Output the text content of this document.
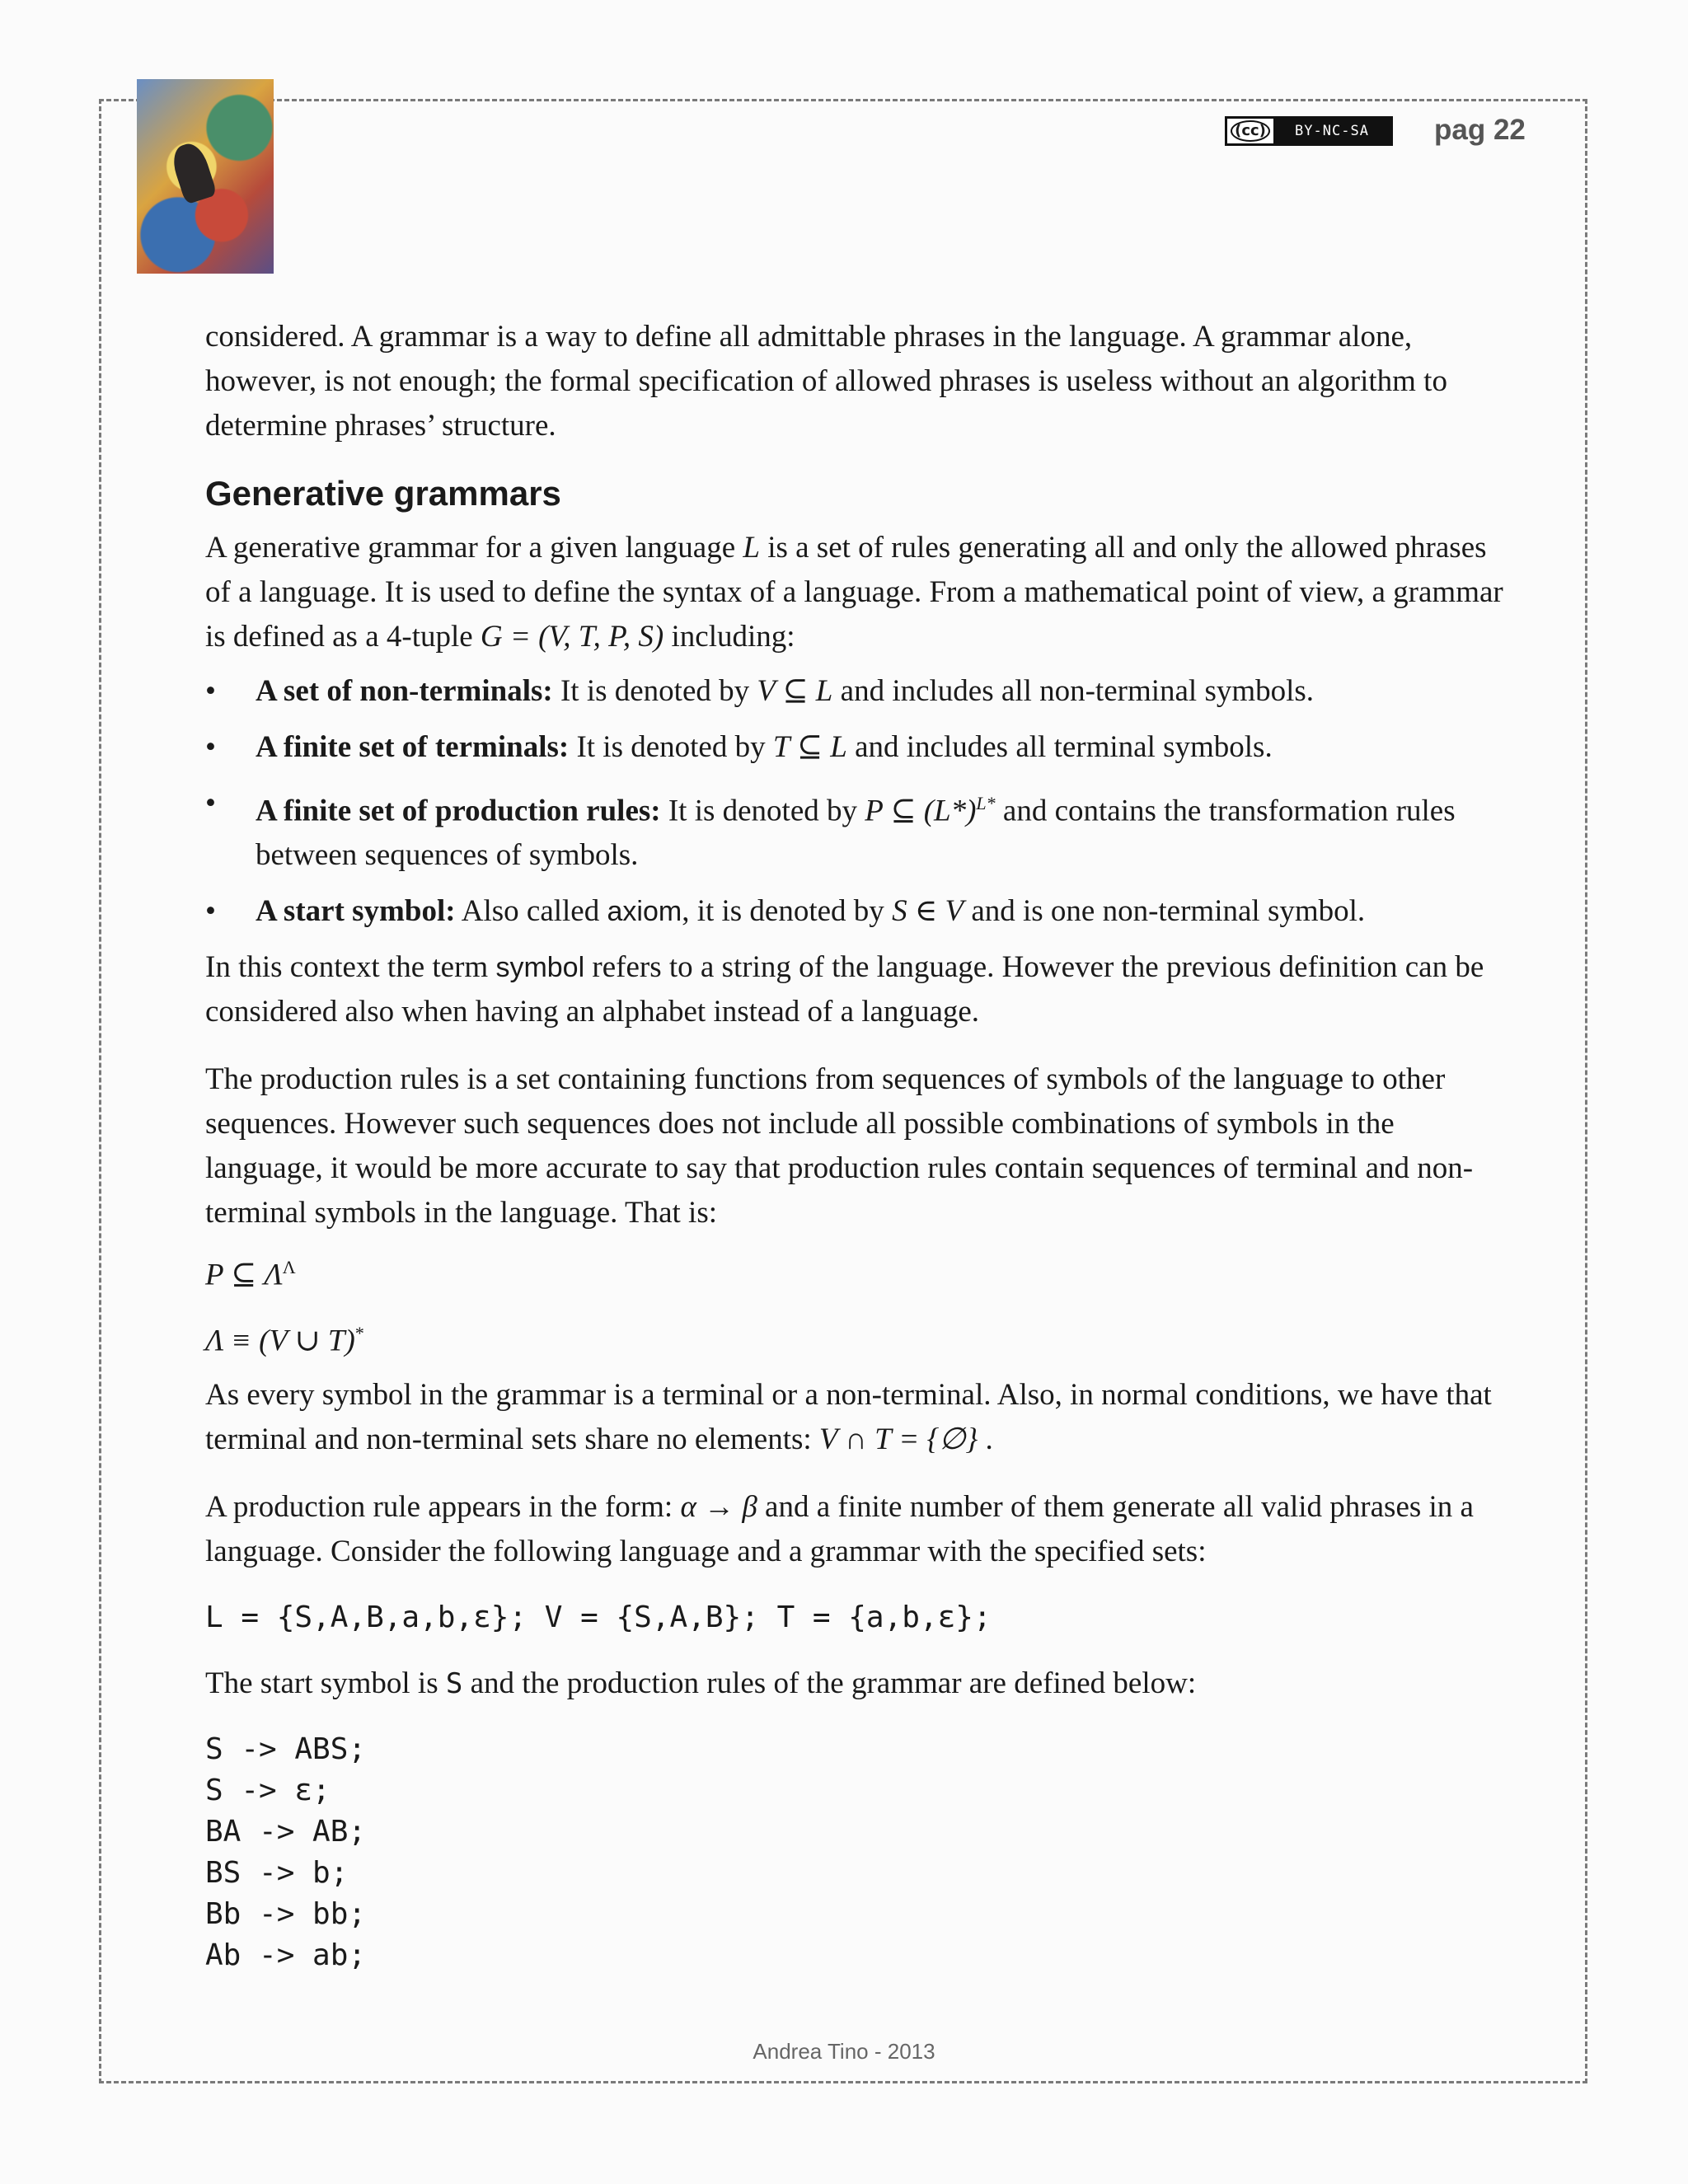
(cc)	BY-NC-SA	pag 22

considered. A grammar is a way to define all admittable phrases in the language. A grammar alone, however, is not enough; the formal specification of allowed phrases is useless without an algorithm to determine phrases’ structure.

Generative grammars

A generative grammar for a given language L is a set of rules generating all and only the allowed phrases of a language. It is used to define the syntax of a language. From a mathematical point of view, a grammar is defined as a 4-tuple G = (V, T, P, S) including:

• A set of non-terminals: It is denoted by V ⊆ L and includes all non-terminal symbols.
• A finite set of terminals: It is denoted by T ⊆ L and includes all terminal symbols.
• A finite set of production rules: It is denoted by P ⊆ $(L*)^{L*}$ and contains the transformation rules between sequences of symbols.
• A start symbol: Also called axiom, it is denoted by S ∈ V and is one non-terminal symbol.

In this context the term symbol refers to a string of the language. However the previous definition can be considered also when having an alphabet instead of a language.

The production rules is a set containing functions from sequences of symbols of the language to other sequences. However such sequences does not include all possible combinations of symbols in the language, it would be more accurate to say that production rules contain sequences of terminal and non-terminal symbols in the language. That is:

P ⊆ $\Lambda^\Lambda$
Λ ≡ (V ∪ T)*

As every symbol in the grammar is a terminal or a non-terminal. Also, in normal conditions, we have that terminal and non-terminal sets share no elements: V ∩ T = {∅} .

A production rule appears in the form: α → β and a finite number of them generate all valid phrases in a language. Consider the following language and a grammar with the specified sets:

L = {S,A,B,a,b,ε}; V = {S,A,B}; T = {a,b,ε};

The start symbol is S and the production rules of the grammar are defined below:

S -> ABS;

S -> ε;

BA -> AB;

BS -> b;

Bb -> bb;

Ab -> ab;

Andrea Tino - 2013
